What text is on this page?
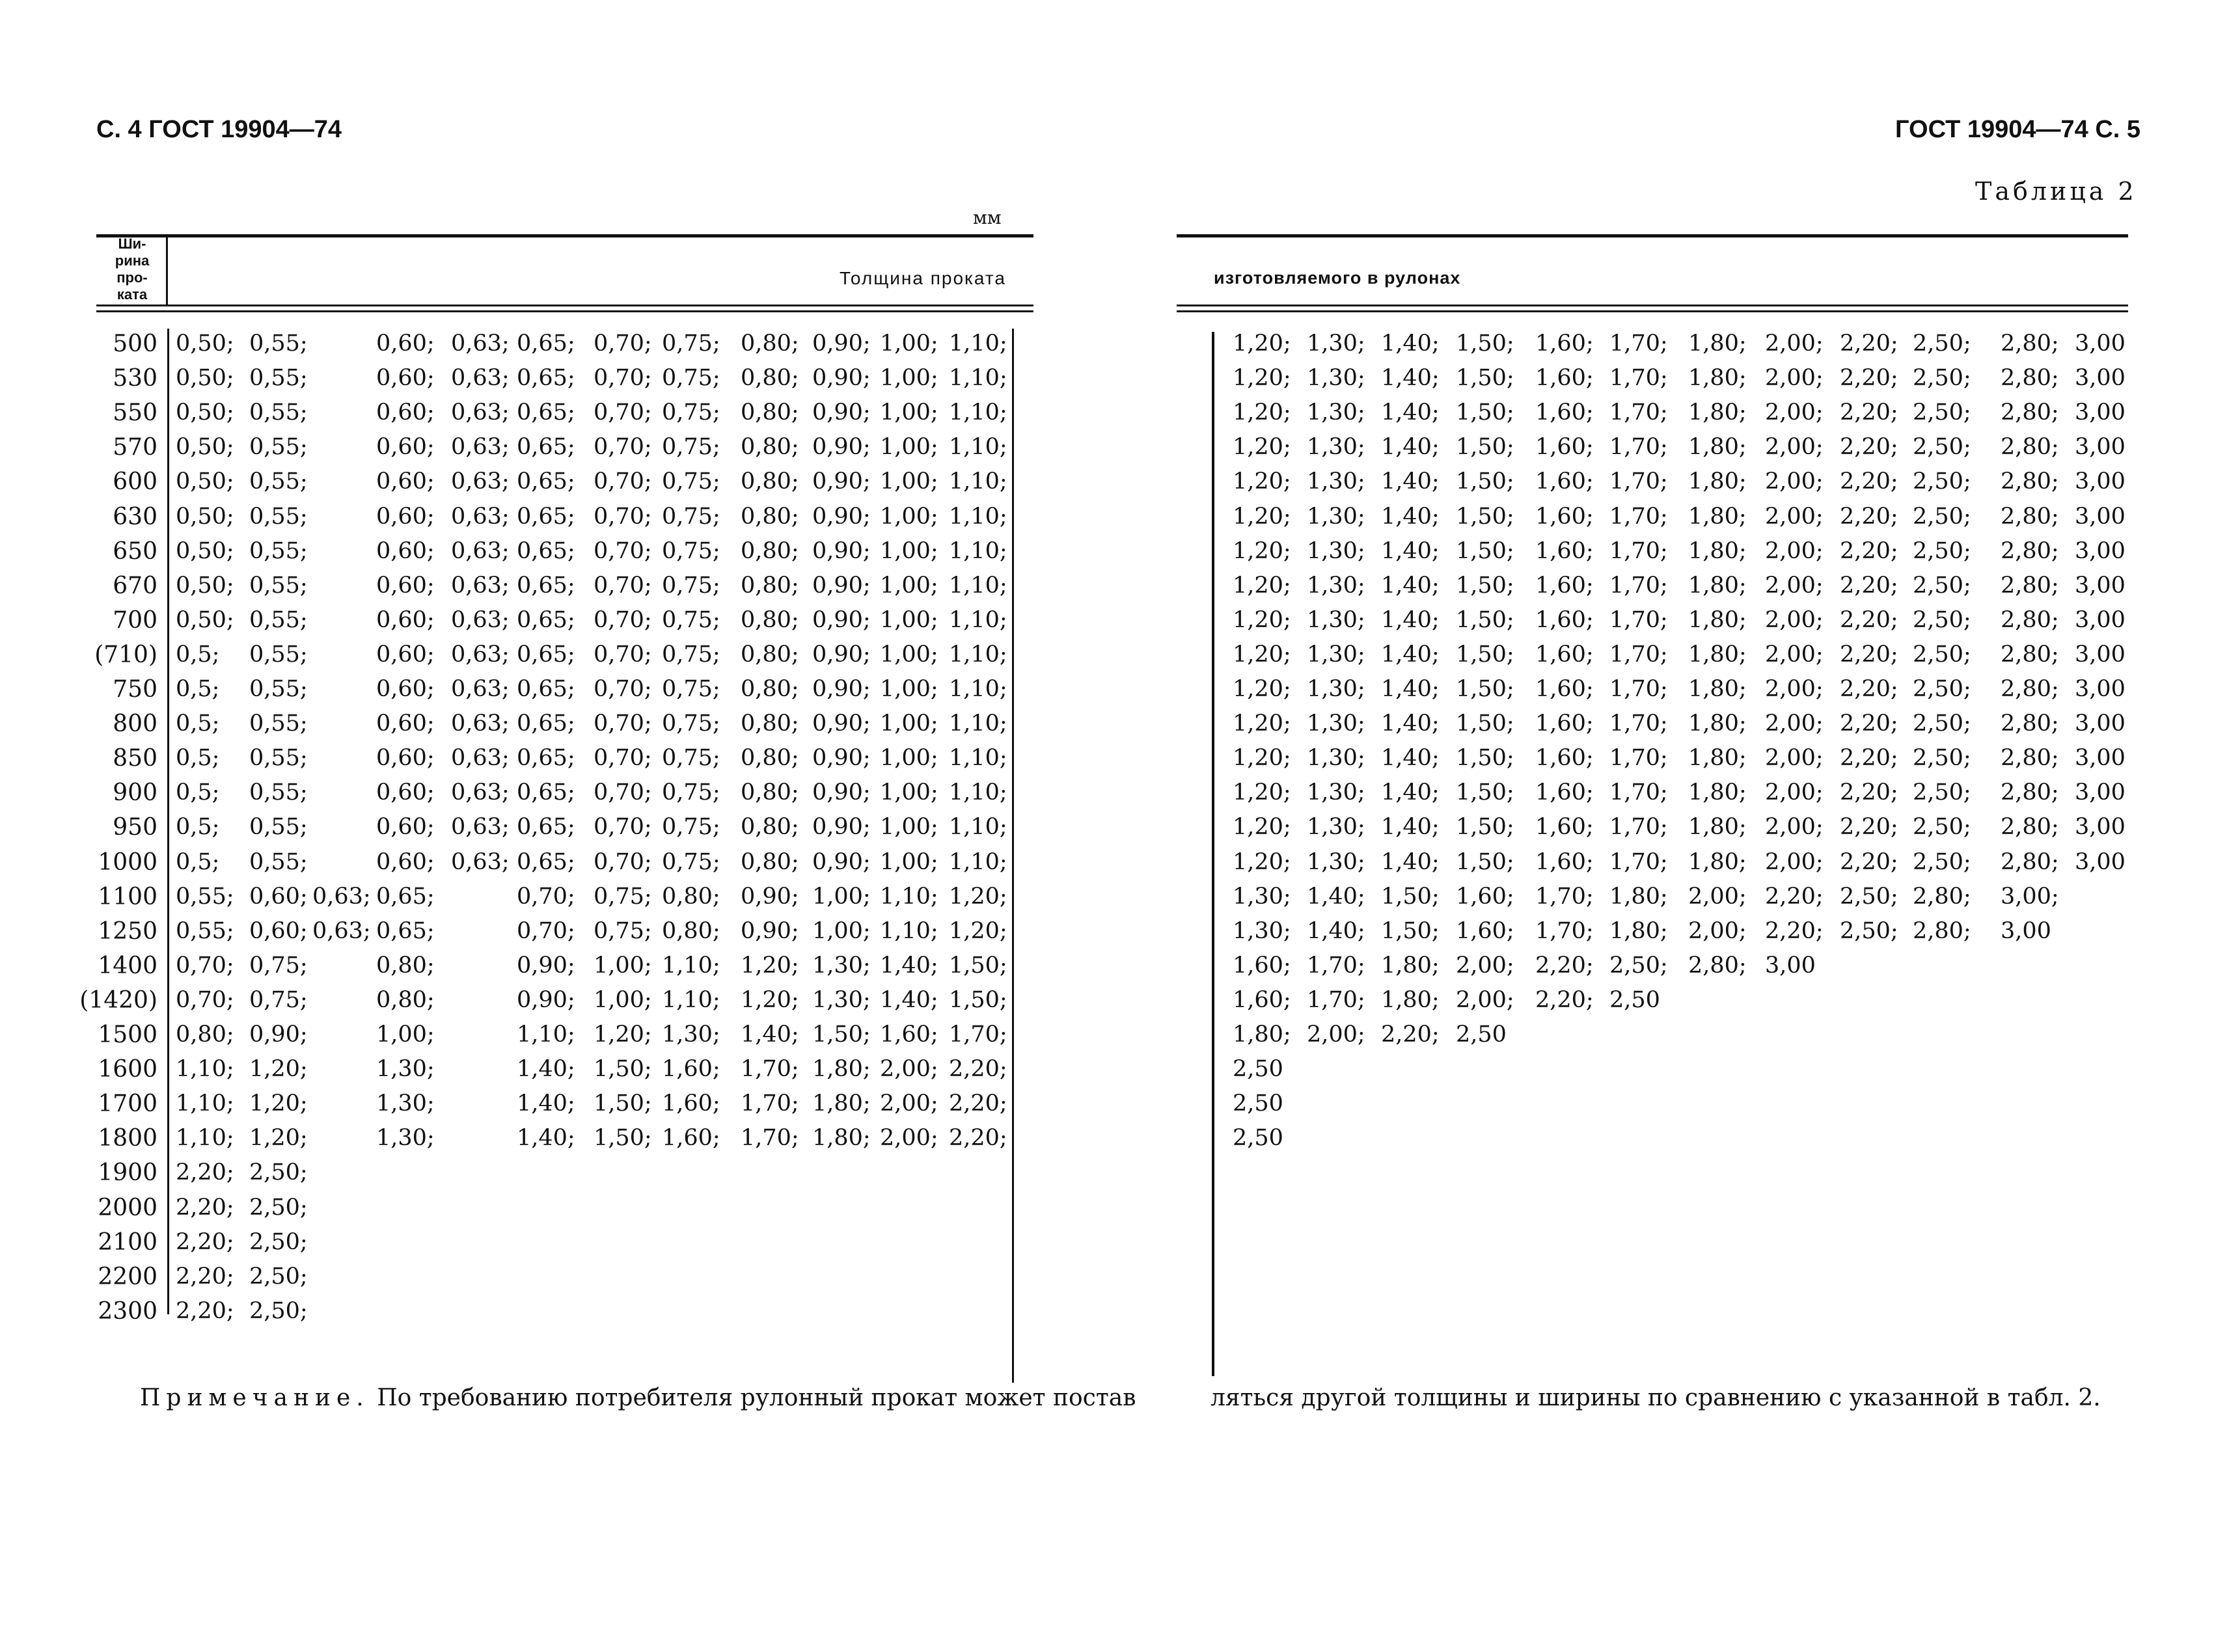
С. 4 ГОСТ 19904—74	ГОСТ 19904—74 С. 5
Таблица 2
мм
Ши-
рина
про-
ката
Толщина проката	изготовляемого в рулонах
500 0,50; 0,55;	0,60; 0,63; 0,65; 0,70; 0,75; 0,80; 0,90; 1,00; 1,10;	1,20; 1,30; 1,40; 1,50; 1,60; 1,70; 1,80; 2,00; 2,20; 2,50; 2,80; 3,00
530 0,50; 0,55;	0,60; 0,63; 0,65; 0,70; 0,75; 0,80; 0,90; 1,00; 1,10;	1,20; 1,30; 1,40; 1,50; 1,60; 1,70; 1,80; 2,00; 2,20; 2,50; 2,80; 3,00
550 0,50; 0,55;	0,60; 0,63; 0,65; 0,70; 0,75; 0,80; 0,90; 1,00; 1,10;	1,20; 1,30; 1,40; 1,50; 1,60; 1,70; 1,80; 2,00; 2,20; 2,50; 2,80; 3,00
570 0,50; 0,55;	0,60; 0,63; 0,65; 0,70; 0,75; 0,80; 0,90; 1,00; 1,10;	1,20; 1,30; 1,40; 1,50; 1,60; 1,70; 1,80; 2,00; 2,20; 2,50; 2,80; 3,00
600 0,50; 0,55;	0,60; 0,63; 0,65; 0,70; 0,75; 0,80; 0,90; 1,00; 1,10;	1,20; 1,30; 1,40; 1,50; 1,60; 1,70; 1,80; 2,00; 2,20; 2,50; 2,80; 3,00
630 0,50; 0,55;	0,60; 0,63; 0,65; 0,70; 0,75; 0,80; 0,90; 1,00; 1,10;	1,20; 1,30; 1,40; 1,50; 1,60; 1,70; 1,80; 2,00; 2,20; 2,50; 2,80; 3,00
650 0,50; 0,55;	0,60; 0,63; 0,65; 0,70; 0,75; 0,80; 0,90; 1,00; 1,10;	1,20; 1,30; 1,40; 1,50; 1,60; 1,70; 1,80; 2,00; 2,20; 2,50; 2,80; 3,00
670 0,50; 0,55;	0,60; 0,63; 0,65; 0,70; 0,75; 0,80; 0,90; 1,00; 1,10;	1,20; 1,30; 1,40; 1,50; 1,60; 1,70; 1,80; 2,00; 2,20; 2,50; 2,80; 3,00
700 0,50; 0,55;	0,60; 0,63; 0,65; 0,70; 0,75; 0,80; 0,90; 1,00; 1,10;	1,20; 1,30; 1,40; 1,50; 1,60; 1,70; 1,80; 2,00; 2,20; 2,50; 2,80; 3,00
(710) 0,5; 0,55;	0,60; 0,63; 0,65; 0,70; 0,75; 0,80; 0,90; 1,00; 1,10;	1,20; 1,30; 1,40; 1,50; 1,60; 1,70; 1,80; 2,00; 2,20; 2,50; 2,80; 3,00
750 0,5; 0,55;	0,60; 0,63; 0,65; 0,70; 0,75; 0,80; 0,90; 1,00; 1,10;	1,20; 1,30; 1,40; 1,50; 1,60; 1,70; 1,80; 2,00; 2,20; 2,50; 2,80; 3,00
800 0,5; 0,55;	0,60; 0,63; 0,65; 0,70; 0,75; 0,80; 0,90; 1,00; 1,10;	1,20; 1,30; 1,40; 1,50; 1,60; 1,70; 1,80; 2,00; 2,20; 2,50; 2,80; 3,00
850 0,5; 0,55;	0,60; 0,63; 0,65; 0,70; 0,75; 0,80; 0,90; 1,00; 1,10;	1,20; 1,30; 1,40; 1,50; 1,60; 1,70; 1,80; 2,00; 2,20; 2,50; 2,80; 3,00
900 0,5; 0,55;	0,60; 0,63; 0,65; 0,70; 0,75; 0,80; 0,90; 1,00; 1,10;	1,20; 1,30; 1,40; 1,50; 1,60; 1,70; 1,80; 2,00; 2,20; 2,50; 2,80; 3,00
950 0,5; 0,55;	0,60; 0,63; 0,65; 0,70; 0,75; 0,80; 0,90; 1,00; 1,10;	1,20; 1,30; 1,40; 1,50; 1,60; 1,70; 1,80; 2,00; 2,20; 2,50; 2,80; 3,00
1000 0,5; 0,55;	0,60; 0,63; 0,65; 0,70; 0,75; 0,80; 0,90; 1,00; 1,10;	1,20; 1,30; 1,40; 1,50; 1,60; 1,70; 1,80; 2,00; 2,20; 2,50; 2,80; 3,00
1100 0,55; 0,60; 0,63; 0,65;	0,70; 0,75; 0,80; 0,90; 1,00; 1,10; 1,20;	1,30; 1,40; 1,50; 1,60; 1,70; 1,80; 2,00; 2,20; 2,50; 2,80; 3,00;
1250 0,55; 0,60; 0,63; 0,65;	0,70; 0,75; 0,80; 0,90; 1,00; 1,10; 1,20;	1,30; 1,40; 1,50; 1,60; 1,70; 1,80; 2,00; 2,20; 2,50; 2,80; 3,00
1400 0,70; 0,75;	0,80;	0,90; 1,00; 1,10; 1,20; 1,30; 1,40; 1,50;	1,60; 1,70; 1,80; 2,00; 2,20; 2,50; 2,80; 3,00
(1420) 0,70; 0,75;	0,80;	0,90; 1,00; 1,10; 1,20; 1,30; 1,40; 1,50;	1,60; 1,70; 1,80; 2,00; 2,20; 2,50
1500 0,80; 0,90;	1,00;	1,10; 1,20; 1,30; 1,40; 1,50; 1,60; 1,70;	1,80; 2,00; 2,20; 2,50
1600 1,10; 1,20;	1,30;	1,40; 1,50; 1,60; 1,70; 1,80; 2,00; 2,20;	2,50
1700 1,10; 1,20;	1,30;	1,40; 1,50; 1,60; 1,70; 1,80; 2,00; 2,20;	2,50
1800 1,10; 1,20;	1,30;	1,40; 1,50; 1,60; 1,70; 1,80; 2,00; 2,20;	2,50
1900 2,20; 2,50;
2000 2,20; 2,50;
2100 2,20; 2,50;
2200 2,20; 2,50;
2300 2,20; 2,50;
Примечание. По требованию потребителя рулонный прокат может постав	ляться другой толщины и ширины по сравнению с указанной в табл. 2.
